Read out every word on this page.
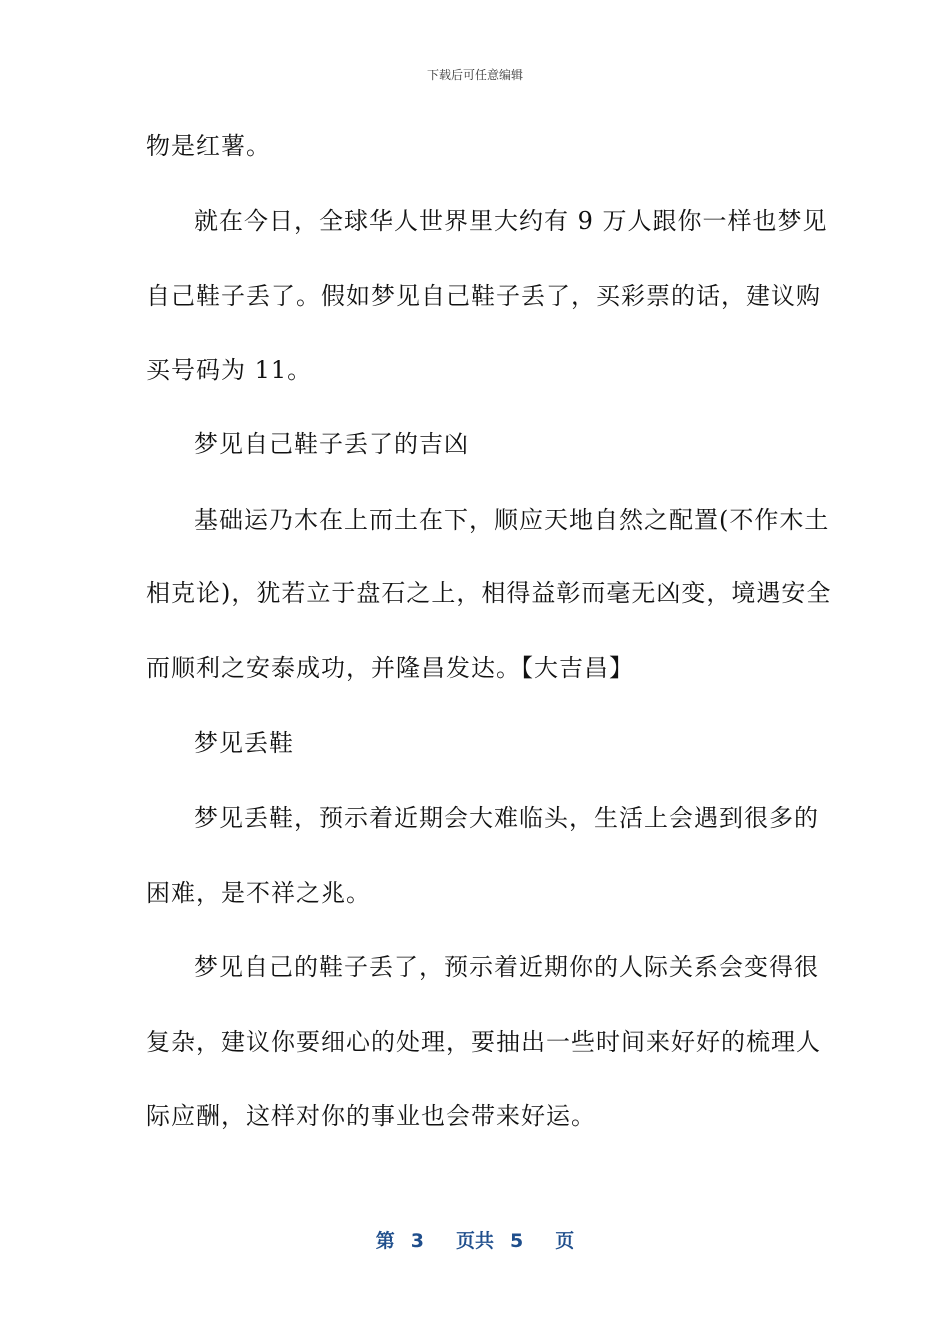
下载后可任意编辑
物是红薯。
就在今日，全球华人世界里大约有 9 万人跟你一样也梦见
自己鞋子丢了。假如梦见自己鞋子丢了，买彩票的话，建议购
买号码为 11。
梦见自己鞋子丢了的吉凶
基础运乃木在上而土在下，顺应天地自然之配置(不作木土
相克论)，犹若立于盘石之上，相得益彰而毫无凶变，境遇安全
而顺利之安泰成功，并隆昌发达。【大吉昌】
梦见丢鞋
梦见丢鞋，预示着近期会大难临头，生活上会遇到很多的
困难，是不祥之兆。
梦见自己的鞋子丢了，预示着近期你的人际关系会变得很
复杂，建议你要细心的处理，要抽出一些时间来好好的梳理人
际应酬，这样对你的事业也会带来好运。
第 3 页共 5 页
